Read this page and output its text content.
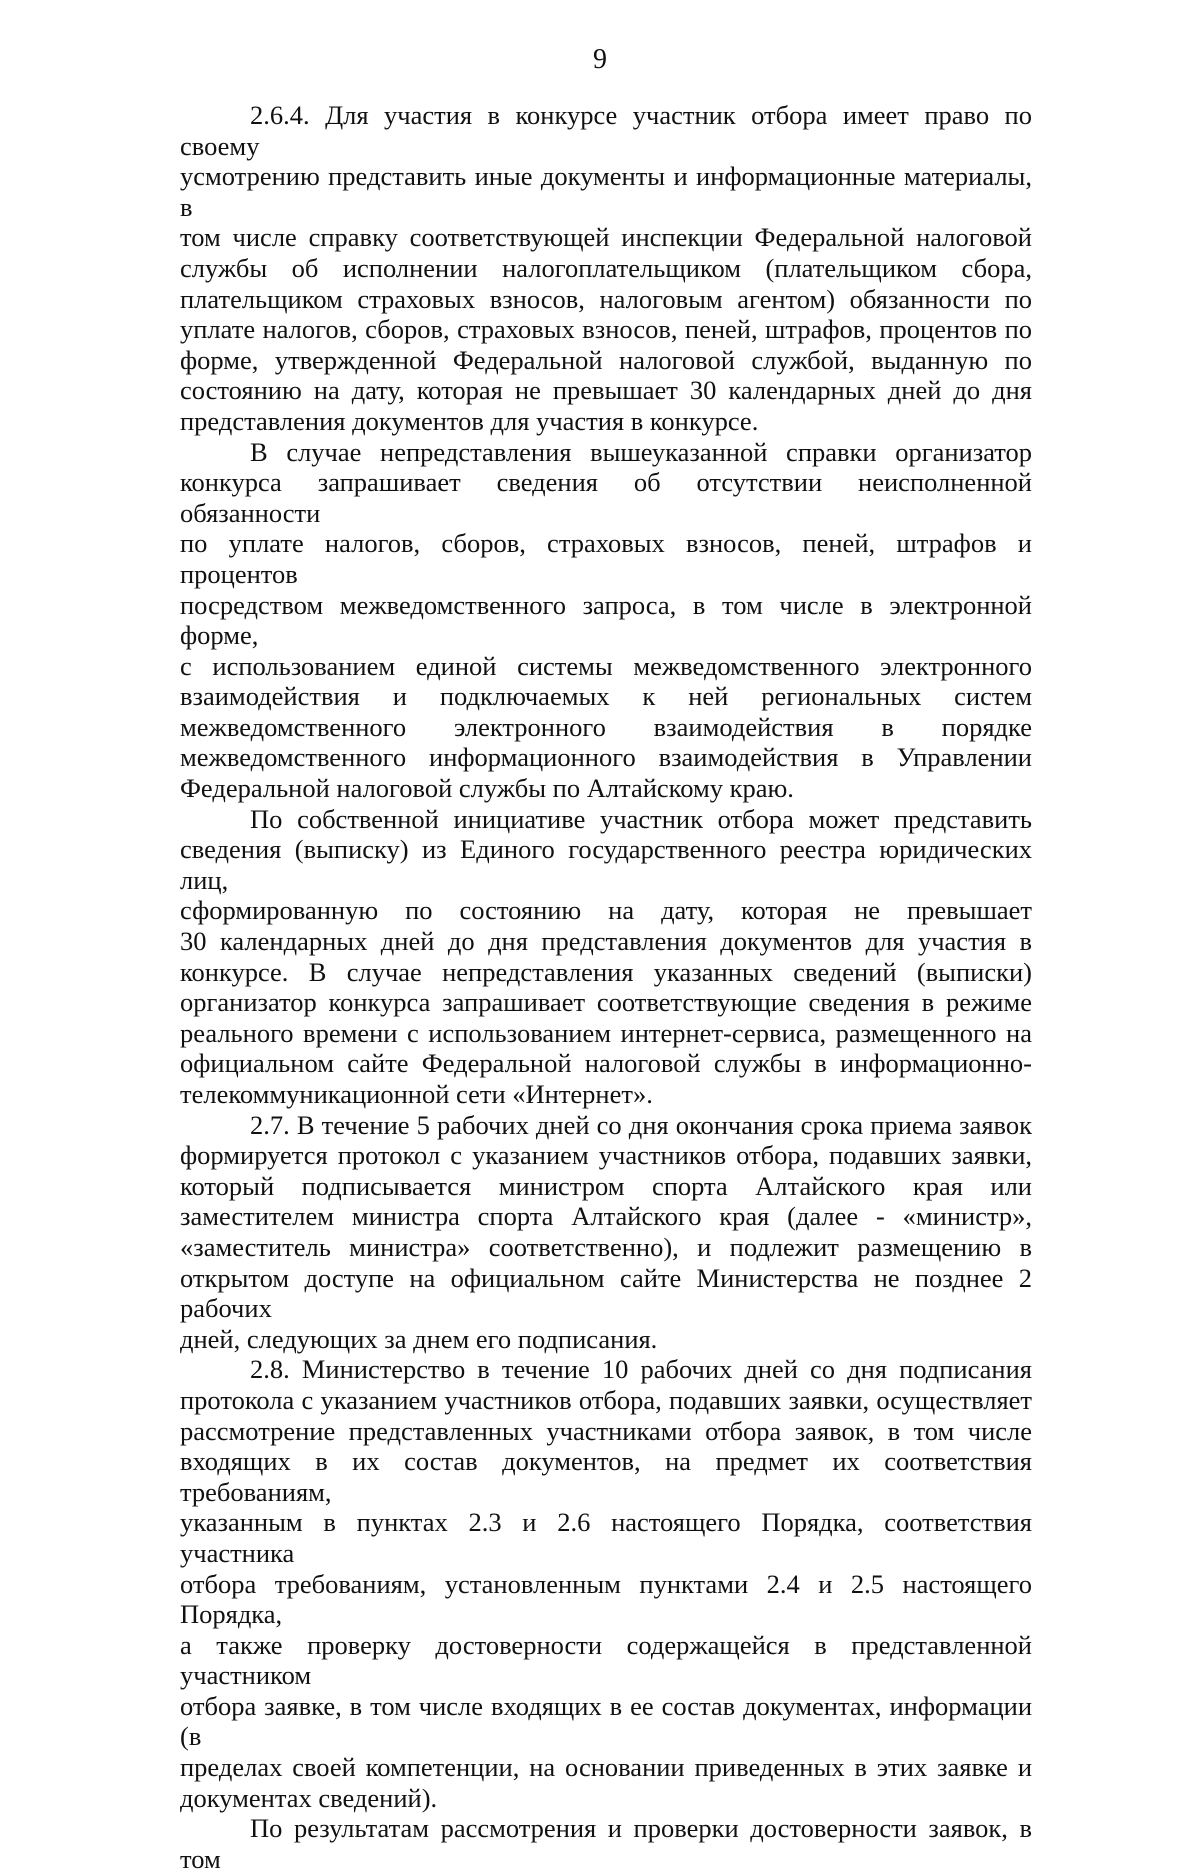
9

2.6.4. Для участия в конкурсе участник отбора имеет право по своему
усмотрению представить иные документы и информационные материалы, в
том числе справку соответствующей инспекции Федеральной налоговой
службы об исполнении налогоплательщиком (плательщиком сбора,
плательщиком страховых взносов, налоговым агентом) обязанности по
уплате налогов, сборов, страховых взносов, пеней, штрафов, процентов по
форме, утвержденной Федеральной налоговой службой, выданную по
состоянию на дату, которая не превышает 30 календарных дней до дня
представления документов для участия в конкурсе.

В случае непредставления вышеуказанной справки организатор
конкурса запрашивает сведения об отсутствии неисполненной обязанности
по уплате налогов, сборов, страховых взносов, пеней, штрафов и процентов
посредством межведомственного запроса, в том числе в электронной форме,
с использованием единой системы межведомственного электронного
взаимодействия и подключаемых к ней региональных систем
межведомственного электронного взаимодействия в порядке
межведомственного информационного взаимодействия в Управлении
Федеральной налоговой службы по Алтайскому краю.

По собственной инициативе участник отбора может представить
сведения (выписку) из Единого государственного реестра юридических лиц,
сформированную по состоянию на дату, которая не превышает
30 календарных дней до дня представления документов для участия в
конкурсе. В случае непредставления указанных сведений (выписки)
организатор конкурса запрашивает соответствующие сведения в режиме
реального времени с использованием интернет-сервиса, размещенного на
официальном сайте Федеральной налоговой службы в информационно-
телекоммуникационной сети «Интернет».

2.7. В течение 5 рабочих дней со дня окончания срока приема заявок
формируется протокол с указанием участников отбора, подавших заявки,
который подписывается министром спорта Алтайского края или
заместителем министра спорта Алтайского края (далее - «министр»,
«заместитель министра» соответственно), и подлежит размещению в
открытом доступе на официальном сайте Министерства не позднее 2 рабочих
дней, следующих за днем его подписания.

2.8. Министерство в течение 10 рабочих дней со дня подписания
протокола с указанием участников отбора, подавших заявки, осуществляет
рассмотрение представленных участниками отбора заявок, в том числе
входящих в их состав документов, на предмет их соответствия требованиям,
указанным в пунктах 2.3 и 2.6 настоящего Порядка, соответствия участника
отбора требованиям, установленным пунктами 2.4 и 2.5 настоящего Порядка,
а также проверку достоверности содержащейся в представленной участником
отбора заявке, в том числе входящих в ее состав документах, информации (в
пределах своей компетенции, на основании приведенных в этих заявке и
документах сведений).

По результатам рассмотрения и проверки достоверности заявок, в том
